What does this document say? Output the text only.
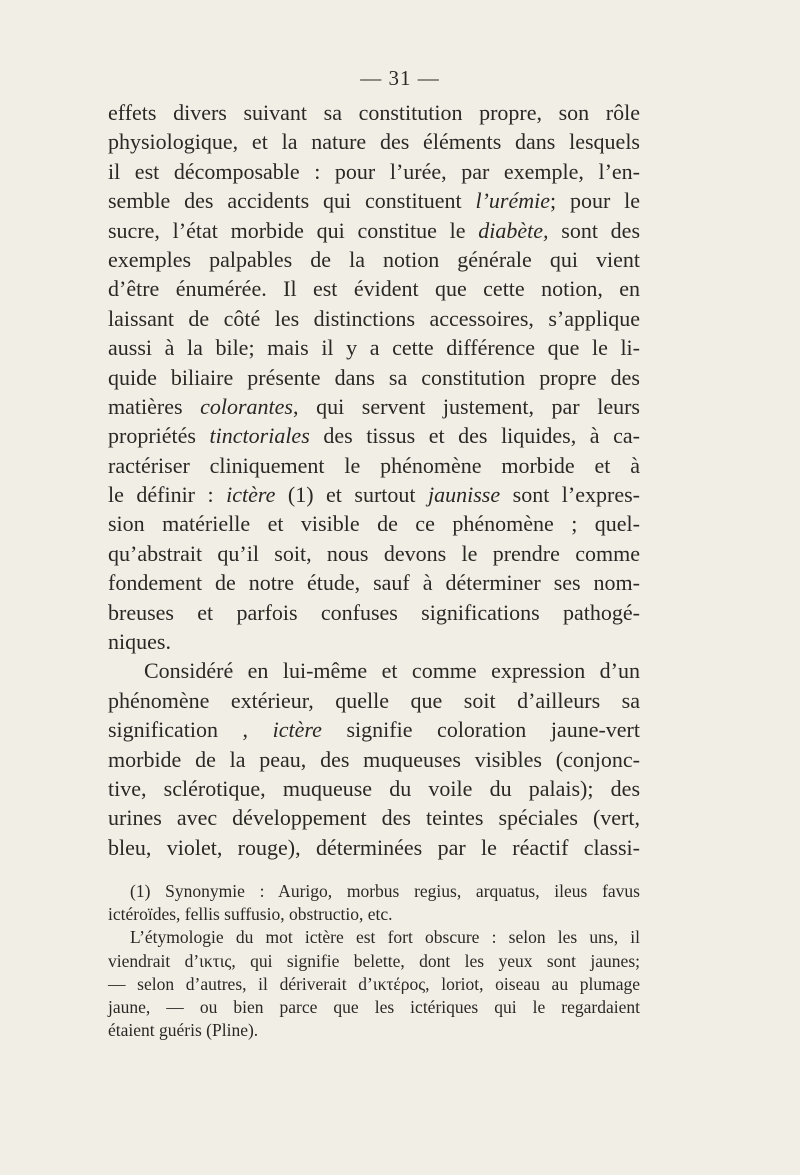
— 31 —
effets divers suivant sa constitution propre, son rôle
physiologique, et la nature des éléments dans lesquels
il est décomposable : pour l’urée, par exemple, l’en-
semble des accidents qui constituent l’urémie; pour le
sucre, l’état morbide qui constitue le diabète, sont des
exemples palpables de la notion générale qui vient
d’être énumérée. Il est évident que cette notion, en
laissant de côté les distinctions accessoires, s’applique
aussi à la bile; mais il y a cette différence que le li-
quide biliaire présente dans sa constitution propre des
matières colorantes, qui servent justement, par leurs
propriétés tinctoriales des tissus et des liquides, à ca-
ractériser cliniquement le phénomène morbide et à
le définir : ictère (1) et surtout jaunisse sont l’expres-
sion matérielle et visible de ce phénomène ; quel-
qu’abstrait qu’il soit, nous devons le prendre comme
fondement de notre étude, sauf à déterminer ses nom-
breuses et parfois confuses significations pathogé-
niques.
Considéré en lui-même et comme expression d’un
phénomène extérieur, quelle que soit d’ailleurs sa
signification , ictère signifie coloration jaune-vert
morbide de la peau, des muqueuses visibles (conjonc-
tive, sclérotique, muqueuse du voile du palais); des
urines avec développement des teintes spéciales (vert,
bleu, violet, rouge), déterminées par le réactif classi-
(1) Synonymie : Aurigo, morbus regius, arquatus, ileus favus
ictéroïdes, fellis suffusio, obstructio, etc.
L’étymologie du mot ictère est fort obscure : selon les uns, il
viendrait d’ικτις, qui signifie belette, dont les yeux sont jaunes;
— selon d’autres, il dériverait d’ικτέρος, loriot, oiseau au plumage
jaune, — ou bien parce que les ictériques qui le regardaient
étaient guéris (Pline).
